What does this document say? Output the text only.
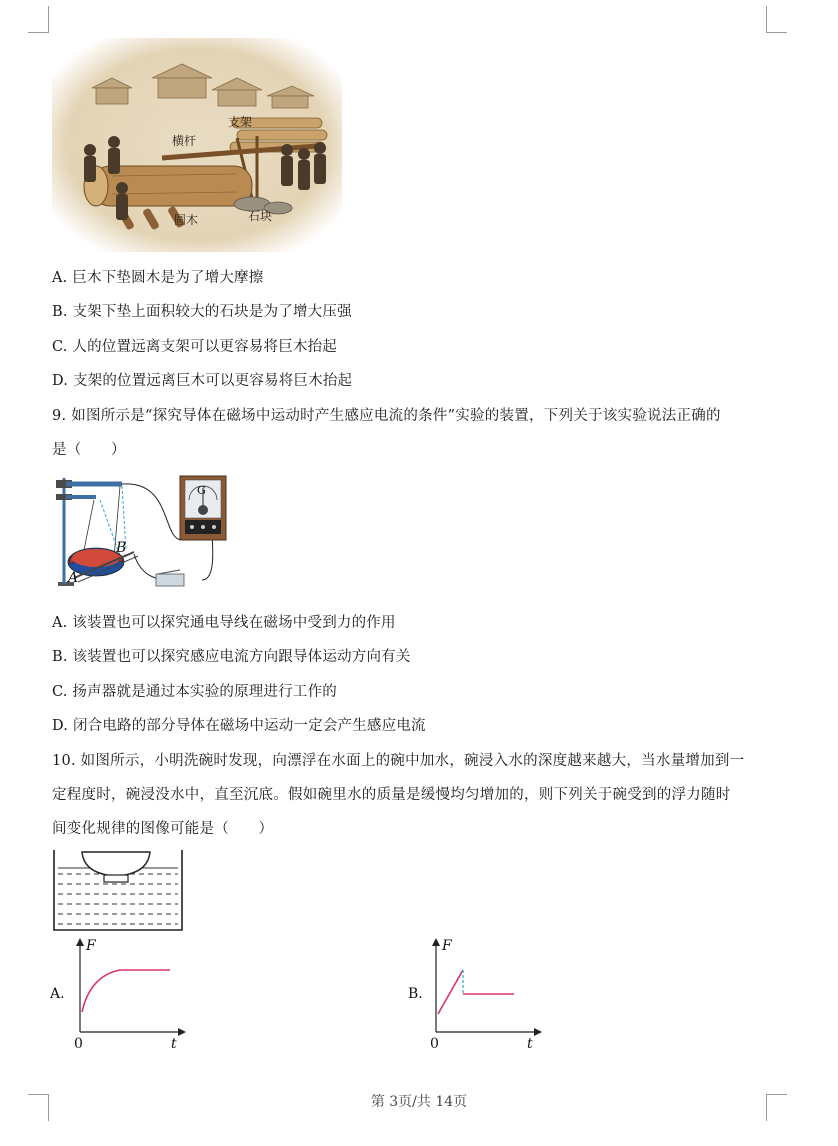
横杆
支架
圆木	石块
A. 巨木下垫圆木是为了增大摩擦
B. 支架下垫上面积较大的石块是为了增大压强
C. 人的位置远离支架可以更容易将巨木抬起
D. 支架的位置远离巨木可以更容易将巨木抬起
9. 如图所示是“探究导体在磁场中运动时产生感应电流的条件”实验的装置，下列关于该实验说法正确的
是（　　）
A
B
G
A. 该装置也可以探究通电导线在磁场中受到力的作用
B. 该装置也可以探究感应电流方向跟导体运动方向有关
C. 扬声器就是通过本实验的原理进行工作的
D. 闭合电路的部分导体在磁场中运动一定会产生感应电流
10. 如图所示，小明洗碗时发现，向漂浮在水面上的碗中加水，碗浸入水的深度越来越大，当水量增加到一
定程度时，碗浸没水中，直至沉底。假如碗里水的质量是缓慢均匀增加的，则下列关于碗受到的浮力随时
间变化规律的图像可能是（　　）
A.
F
t
0
B.
F
t
0
第 3页/共 14页
